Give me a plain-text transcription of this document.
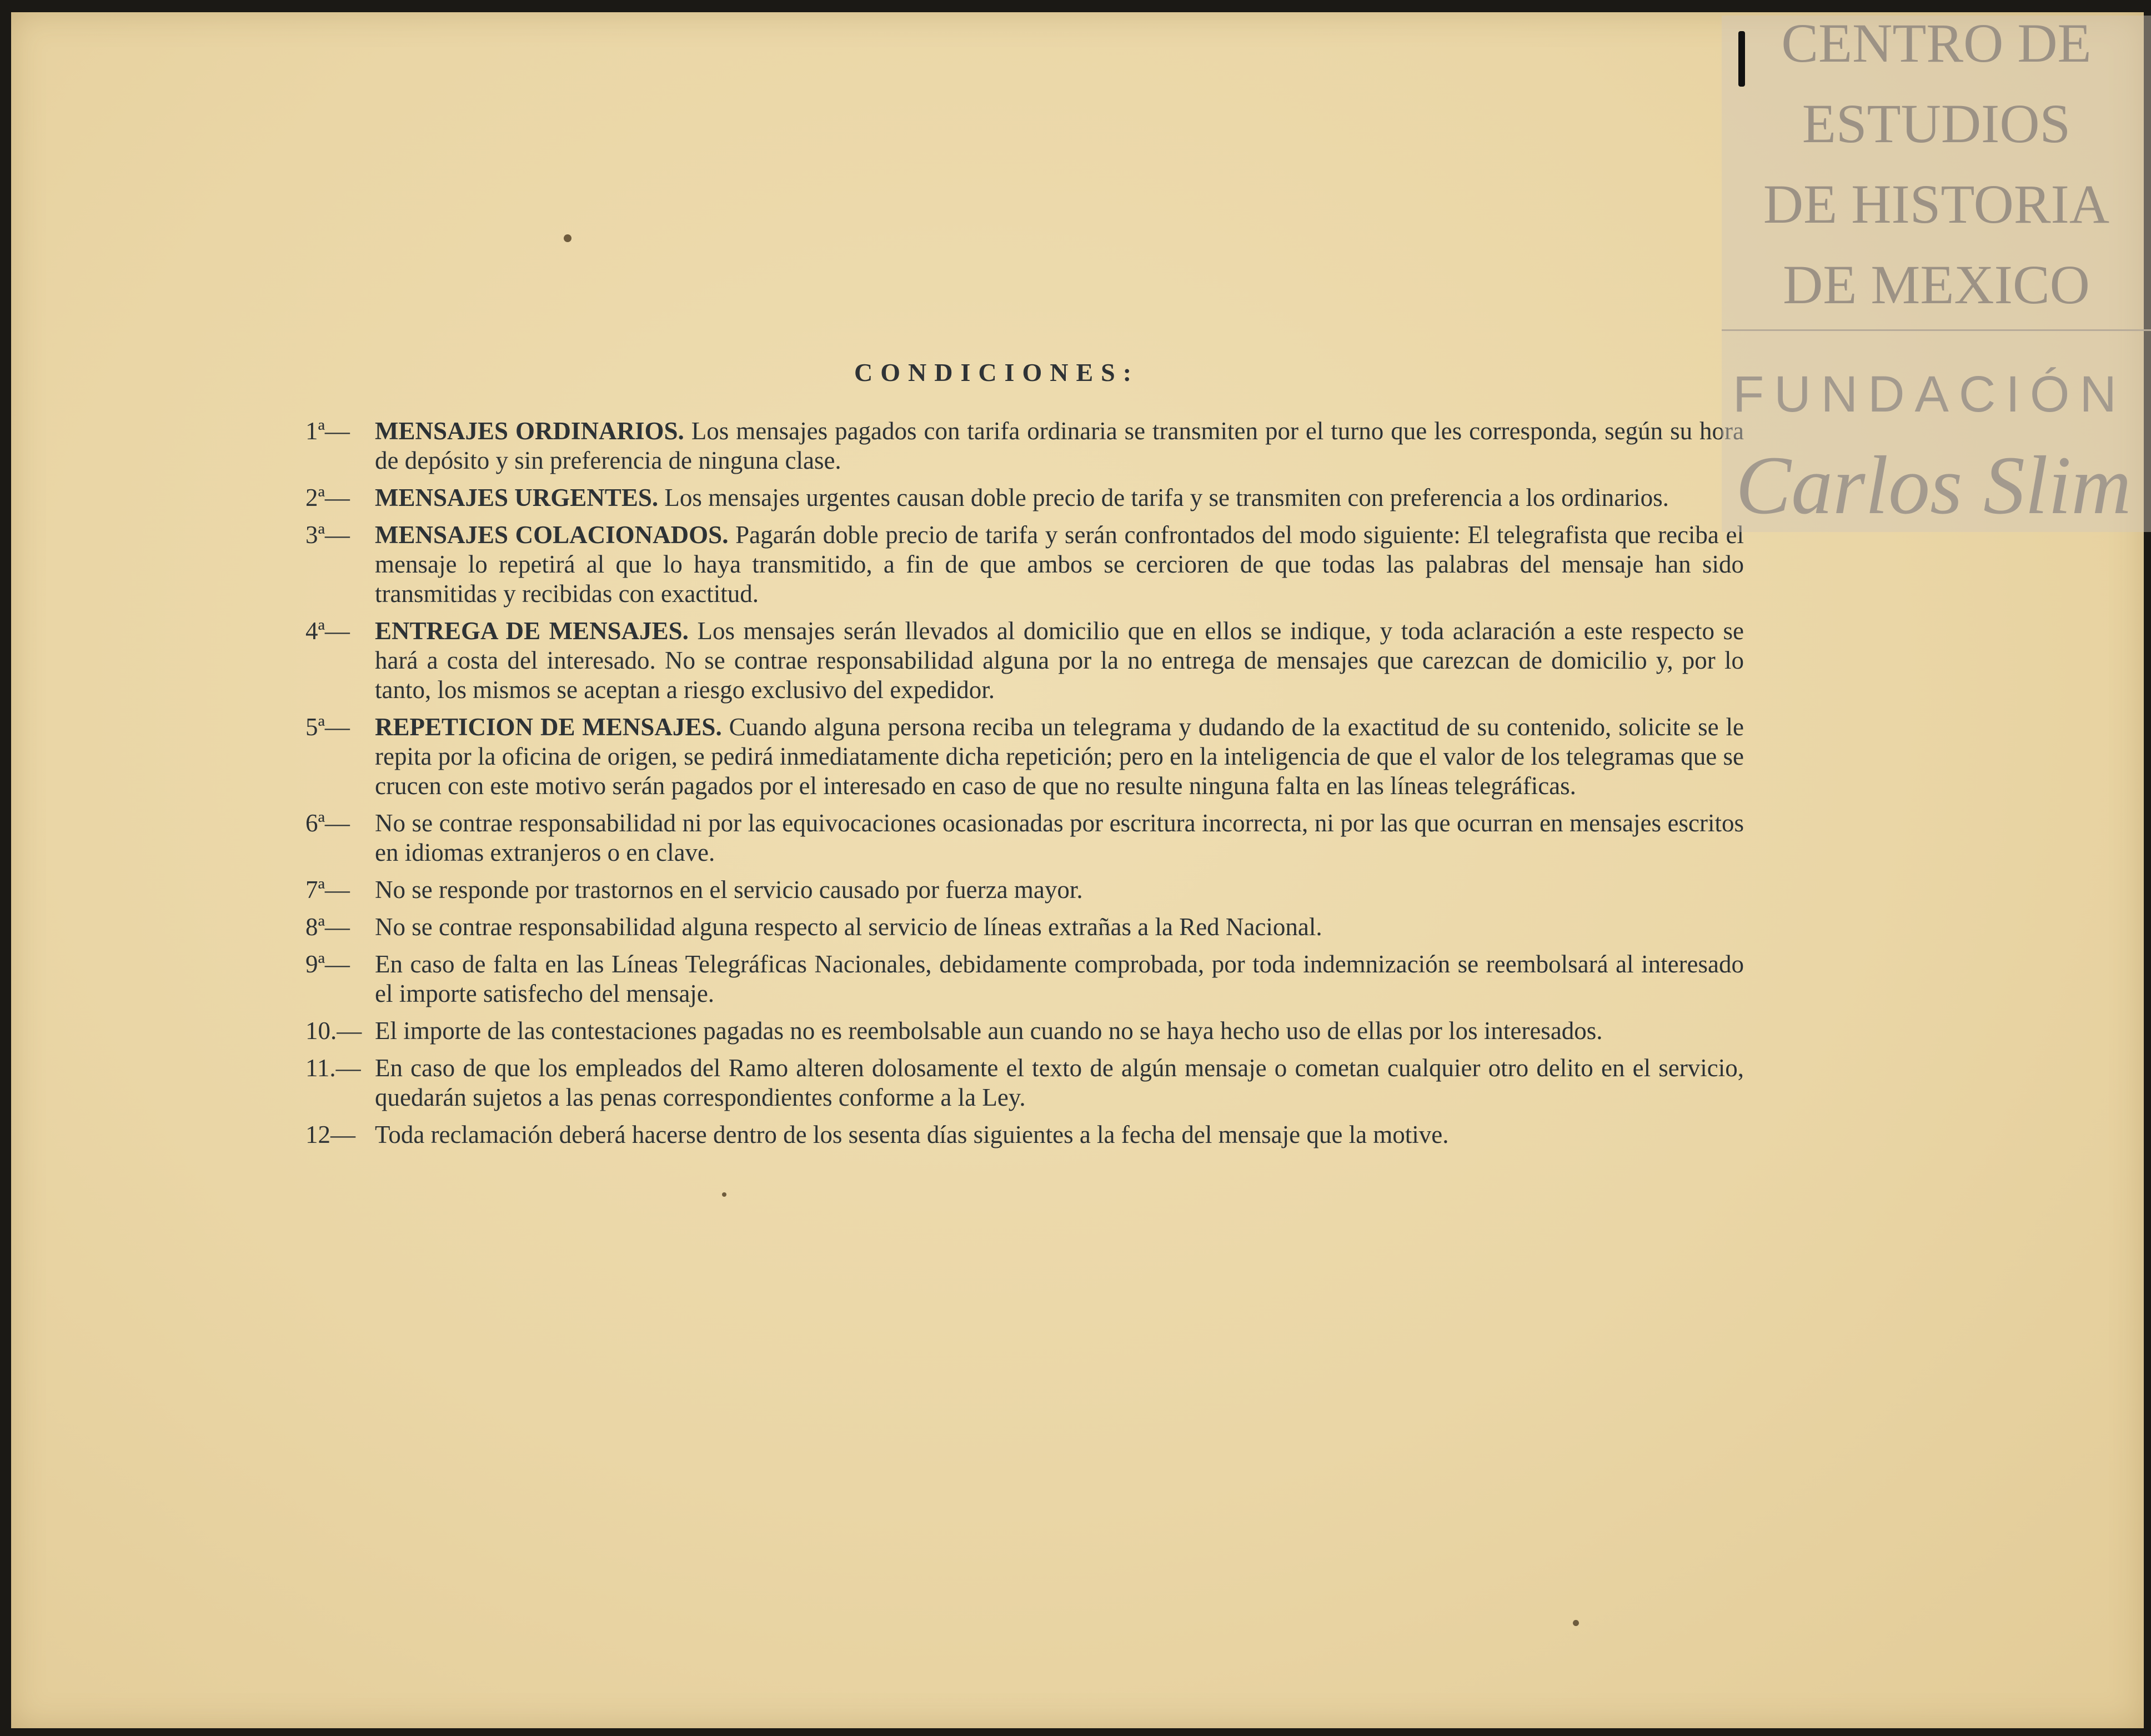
CONDICIONES:
1ª—	MENSAJES ORDINARIOS. Los mensajes pagados con tarifa ordinaria se transmiten por el turno que les corresponda, según su hora de depósito y sin preferencia de ninguna clase.
2ª—	MENSAJES URGENTES. Los mensajes urgentes causan doble precio de tarifa y se transmiten con preferencia a los ordinarios.
3ª—	MENSAJES COLACIONADOS. Pagarán doble precio de tarifa y serán confrontados del modo siguiente: El telegrafista que reciba el mensaje lo repetirá al que lo haya transmitido, a fin de que ambos se cercioren de que todas las palabras del mensaje han sido transmitidas y recibidas con exactitud.
4ª—	ENTREGA DE MENSAJES. Los mensajes serán llevados al domicilio que en ellos se indique, y toda aclaración a este respecto se hará a costa del interesado. No se contrae responsabilidad alguna por la no entrega de mensajes que carezcan de domicilio y, por lo tanto, los mismos se aceptan a riesgo exclusivo del expedidor.
5ª—	REPETICION DE MENSAJES. Cuando alguna persona reciba un telegrama y dudando de la exactitud de su contenido, solicite se le repita por la oficina de origen, se pedirá inmediatamente dicha repetición; pero en la inteligencia de que el valor de los telegramas que se crucen con este motivo serán pagados por el interesado en caso de que no resulte ninguna falta en las líneas telegráficas.
6ª—	No se contrae responsabilidad ni por las equivocaciones ocasionadas por escritura incorrecta, ni por las que ocurran en mensajes escritos en idiomas extranjeros o en clave.
7ª—	No se responde por trastornos en el servicio causado por fuerza mayor.
8ª—	No se contrae responsabilidad alguna respecto al servicio de líneas extrañas a la Red Nacional.
9ª—	En caso de falta en las Líneas Telegráficas Nacionales, debidamente comprobada, por toda indemnización se reembolsará al interesado el importe satisfecho del mensaje.
10.— El importe de las contestaciones pagadas no es reembolsable aun cuando no se haya hecho uso de ellas por los interesados.
11.— En caso de que los empleados del Ramo alteren dolosamente el texto de algún mensaje o cometan cualquier otro delito en el servicio, quedarán sujetos a las penas correspondientes conforme a la Ley.
12— Toda reclamación deberá hacerse dentro de los sesenta días siguientes a la fecha del mensaje que la motive.
CENTRO DE
ESTUDIOS
DE HISTORIA
DE MEXICO
FUNDACIÓN
Carlos Slim
